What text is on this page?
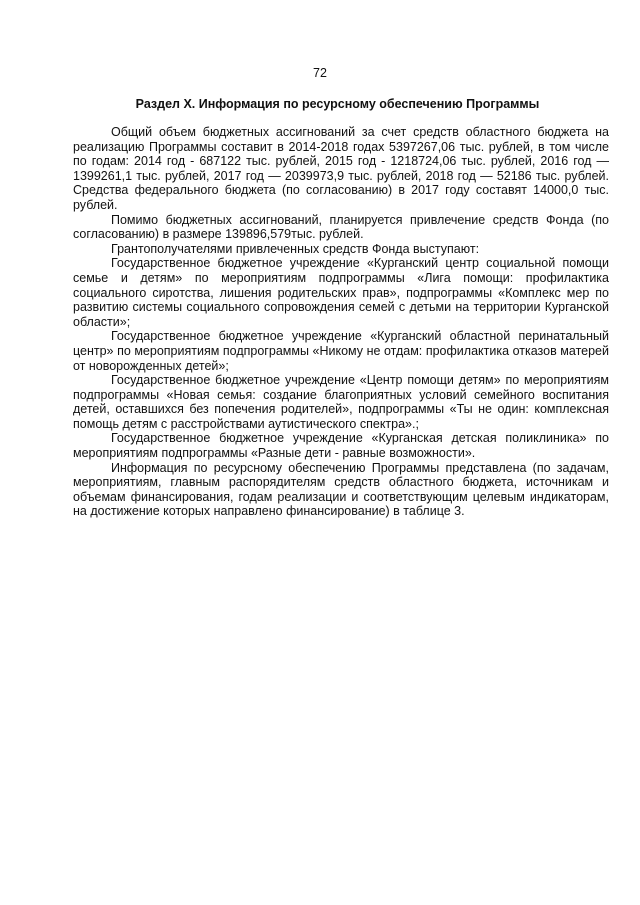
72
Раздел X. Информация по ресурсному обеспечению Программы

Общий объем бюджетных ассигнований за счет средств областного бюджета на реализацию Программы составит в 2014-2018 годах 5397267,06 тыс. рублей, в том числе по годам: 2014 год - 687122 тыс. рублей, 2015 год - 1218724,06 тыс. рублей, 2016 год — 1399261,1 тыс. рублей, 2017 год — 2039973,9 тыс. рублей, 2018 год — 52186 тыс. рублей. Средства федерального бюджета (по согласованию) в 2017 году составят 14000,0 тыс. рублей.

Помимо бюджетных ассигнований, планируется привлечение средств Фонда (по согласованию) в размере 139896,579тыс. рублей.

Грантополучателями привлеченных средств Фонда выступают:

Государственное бюджетное учреждение «Курганский центр социальной помощи семье и детям» по мероприятиям подпрограммы «Лига помощи: профилактика социального сиротства, лишения родительских прав», подпрограммы «Комплекс мер по развитию системы социального сопровождения семей с детьми на территории Курганской области»;

Государственное бюджетное учреждение «Курганский областной перинатальный центр» по мероприятиям подпрограммы «Никому не отдам: профилактика отказов матерей от новорожденных детей»;

Государственное бюджетное учреждение «Центр помощи детям» по мероприятиям подпрограммы «Новая семья: создание благоприятных условий семейного воспитания детей, оставшихся без попечения родителей», подпрограммы «Ты не один: комплексная помощь детям с расстройствами аутистического спектра».;

Государственное бюджетное учреждение «Курганская детская поликлиника» по мероприятиям подпрограммы «Разные дети - равные возможности».

Информация по ресурсному обеспечению Программы представлена (по задачам, мероприятиям, главным распорядителям средств областного бюджета, источникам и объемам финансирования, годам реализации и соответствующим целевым индикаторам, на достижение которых направлено финансирование) в таблице 3.
